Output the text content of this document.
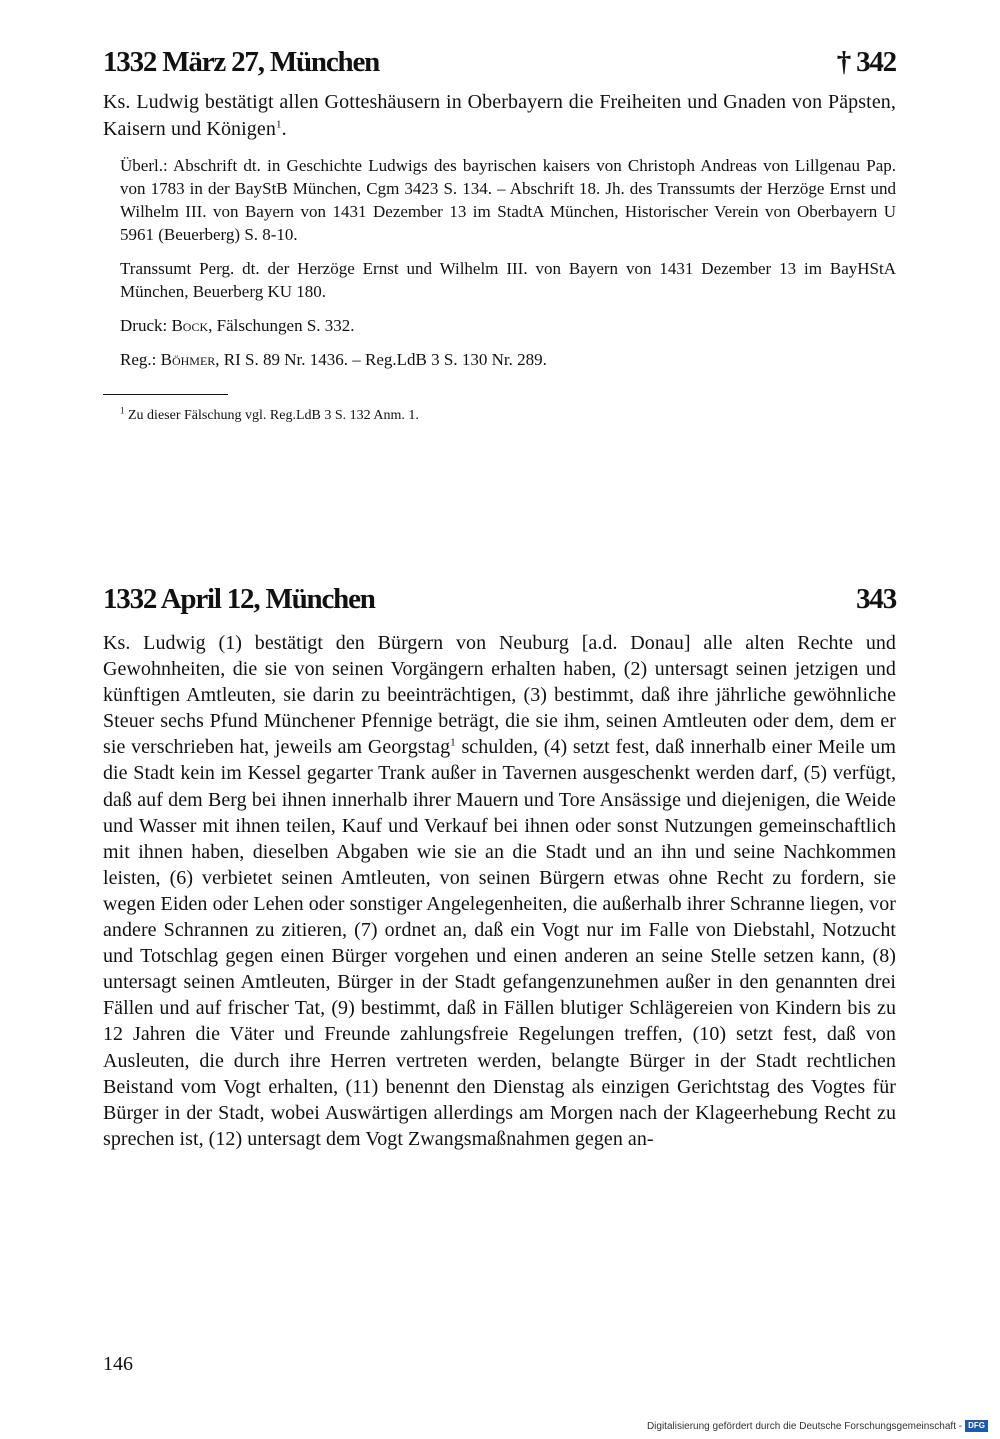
1332 März 27, München	† 342
Ks. Ludwig bestätigt allen Gotteshäusern in Oberbayern die Freiheiten und Gnaden von Päpsten, Kaisern und Königen$^1$.
Überl.: Abschrift dt. in Geschichte Ludwigs des bayrischen kaisers von Christoph Andreas von Lillgenau Pap. von 1783 in der BayStB München, Cgm 3423 S. 134. – Abschrift 18. Jh. des Transsumts der Herzöge Ernst und Wilhelm III. von Bayern von 1431 Dezember 13 im StadtA München, Historischer Verein von Oberbayern U 5961 (Beuerberg) S. 8-10.
Transsumt Perg. dt. der Herzöge Ernst und Wilhelm III. von Bayern von 1431 Dezember 13 im BayHStA München, Beuerberg KU 180.
Druck: Bock, Fälschungen S. 332.
Reg.: Böhmer, RI S. 89 Nr. 1436. – Reg.LdB 3 S. 130 Nr. 289.
$^1$ Zu dieser Fälschung vgl. Reg.LdB 3 S. 132 Anm. 1.
1332 April 12, München	343
Ks. Ludwig (1) bestätigt den Bürgern von Neuburg [a.d. Donau] alle alten Rechte und Gewohnheiten, die sie von seinen Vorgängern erhalten haben, (2) untersagt seinen jetzigen und künftigen Amtleuten, sie darin zu beeinträchtigen, (3) bestimmt, daß ihre jährliche gewöhnliche Steuer sechs Pfund Münchener Pfennige beträgt, die sie ihm, seinen Amtleuten oder dem, dem er sie verschrieben hat, jeweils am Georgstag$^1$ schulden, (4) setzt fest, daß innerhalb einer Meile um die Stadt kein im Kessel gegarter Trank außer in Tavernen ausgeschenkt werden darf, (5) verfügt, daß auf dem Berg bei ihnen innerhalb ihrer Mauern und Tore Ansässige und diejenigen, die Weide und Wasser mit ihnen teilen, Kauf und Verkauf bei ihnen oder sonst Nutzungen gemeinschaftlich mit ihnen haben, dieselben Abgaben wie sie an die Stadt und an ihn und seine Nachkommen leisten, (6) verbietet seinen Amtleuten, von seinen Bürgern etwas ohne Recht zu fordern, sie wegen Eiden oder Lehen oder sonstiger Angelegenheiten, die außerhalb ihrer Schranne liegen, vor andere Schrannen zu zitieren, (7) ordnet an, daß ein Vogt nur im Falle von Diebstahl, Notzucht und Totschlag gegen einen Bürger vorgehen und einen anderen an seine Stelle setzen kann, (8) untersagt seinen Amtleuten, Bürger in der Stadt gefangenzunehmen außer in den genannten drei Fällen und auf frischer Tat, (9) bestimmt, daß in Fällen blutiger Schlägereien von Kindern bis zu 12 Jahren die Väter und Freunde zahlungsfreie Regelungen treffen, (10) setzt fest, daß von Ausleuten, die durch ihre Herren vertreten werden, belangte Bürger in der Stadt rechtlichen Beistand vom Vogt erhalten, (11) benennt den Dienstag als einzigen Gerichtstag des Vogtes für Bürger in der Stadt, wobei Auswärtigen allerdings am Morgen nach der Klageerhebung Recht zu sprechen ist, (12) untersagt dem Vogt Zwangsmaßnahmen gegen an-
146
Digitalisierung gefördert durch die Deutsche Forschungsgemeinschaft - DFG
